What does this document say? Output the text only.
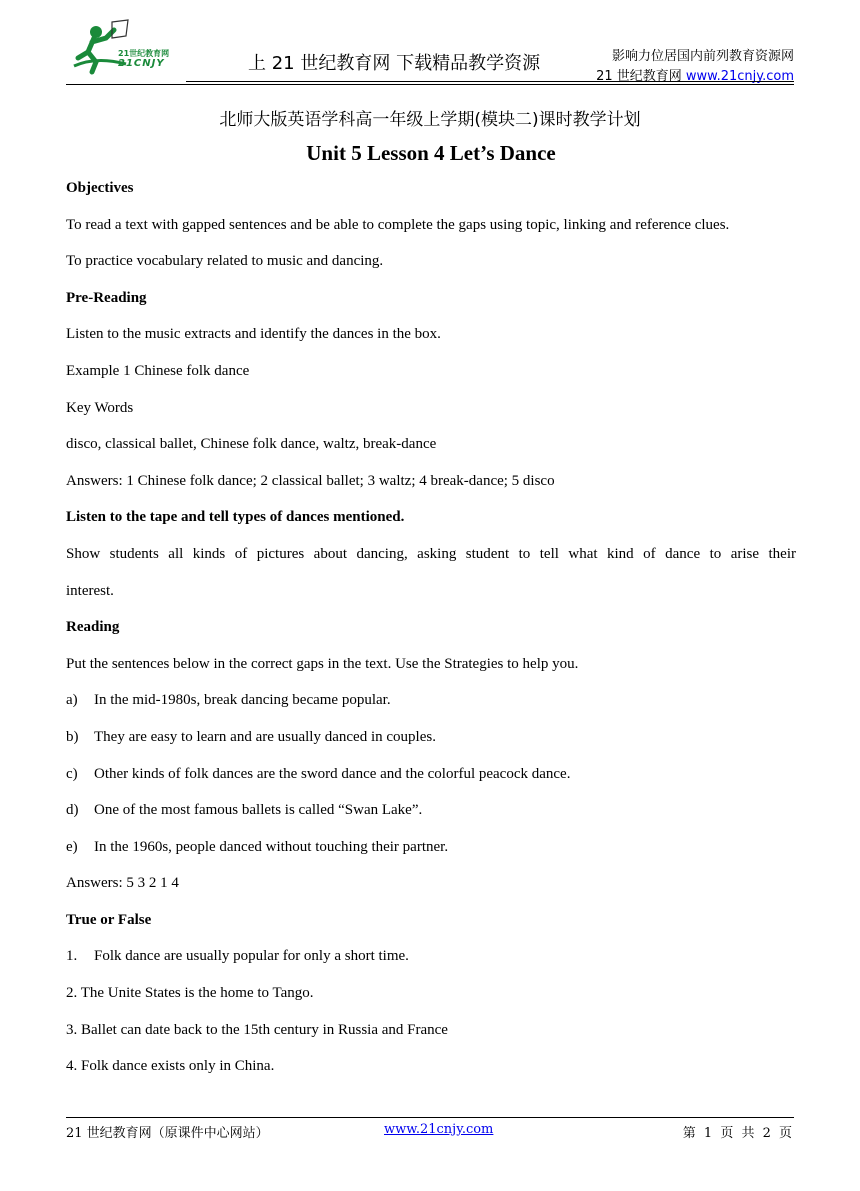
21世纪教育网
21CNJY	上 21 世纪教育网 下载精品教学资源	影响力位居国内前列教育资源网
21 世纪教育网 www.21cnjy.com
北师大版英语学科高一年级上学期(模块二)课时教学计划
Unit 5 Lesson 4 Let’s Dance
Objectives
To read a text with gapped sentences and be able to complete the gaps using topic, linking and reference clues.
To practice vocabulary related to music and dancing.
Pre-Reading
Listen to the music extracts and identify the dances in the box.
Example 1 Chinese folk dance
Key Words
disco, classical ballet, Chinese folk dance, waltz, break-dance
Answers: 1 Chinese folk dance; 2 classical ballet; 3 waltz; 4 break-dance; 5 disco
Listen to the tape and tell types of dances mentioned.
Show students all kinds of pictures about dancing, asking student to tell what kind of dance to arise their
interest.
Reading
Put the sentences below in the correct gaps in the text. Use the Strategies to help you.
a) In the mid-1980s, break dancing became popular.
b) They are easy to learn and are usually danced in couples.
c) Other kinds of folk dances are the sword dance and the colorful peacock dance.
d) One of the most famous ballets is called “Swan Lake”.
e) In the 1960s, people danced without touching their partner.
Answers: 5 3 2 1 4
True or False
1. Folk dance are usually popular for only a short time.
2. The Unite States is the home to Tango.
3. Ballet can date back to the 15th century in Russia and France
4. Folk dance exists only in China.
21 世纪教育网（原课件中心网站）	www.21cnjy.com	第 1 页 共 2 页
